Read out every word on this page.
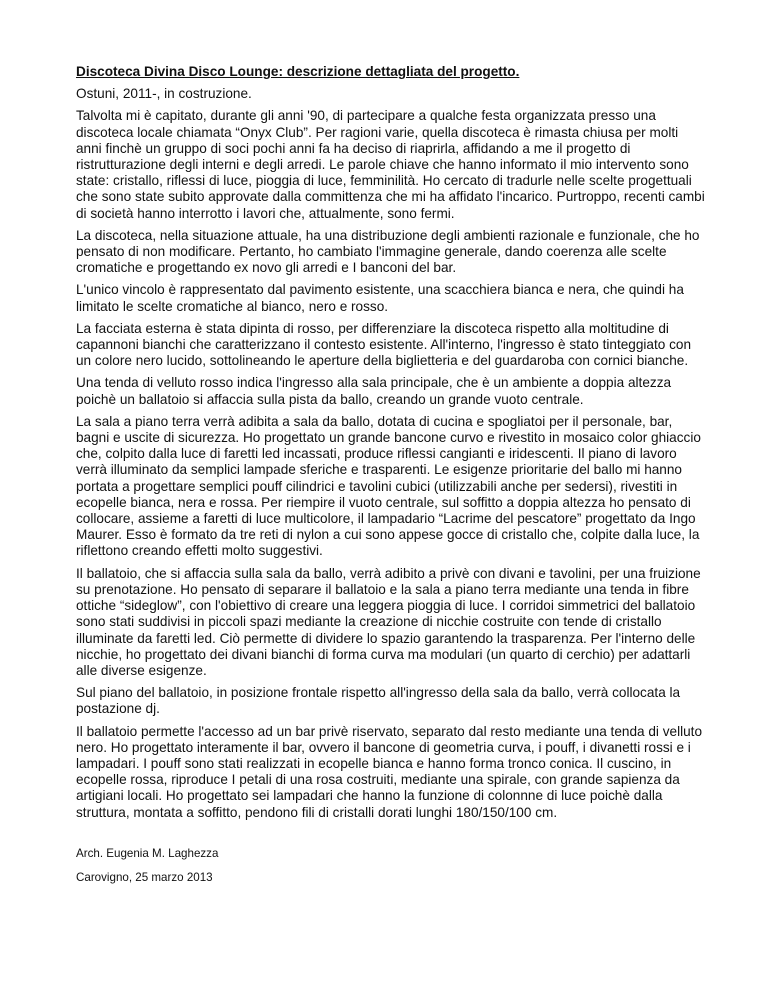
Discoteca Divina Disco Lounge: descrizione dettagliata del progetto.

Ostuni, 2011-, in costruzione.

Talvolta mi è capitato, durante gli anni '90, di partecipare a qualche festa organizzata presso una discoteca locale chiamata “Onyx Club”. Per ragioni varie, quella discoteca è rimasta chiusa per molti anni finchè un gruppo di soci pochi anni fa ha deciso di riaprirla, affidando a me il progetto di ristrutturazione degli interni e degli arredi. Le parole chiave che hanno informato il mio intervento sono state: cristallo, riflessi di luce, pioggia di luce, femminilità. Ho cercato di tradurle nelle scelte progettuali che sono state subito approvate dalla committenza che mi ha affidato l'incarico. Purtroppo, recenti cambi di società hanno interrotto i lavori che, attualmente, sono fermi.

La discoteca, nella situazione attuale, ha una distribuzione degli ambienti razionale e funzionale, che ho pensato di non modificare. Pertanto, ho cambiato l'immagine generale, dando coerenza alle scelte cromatiche e progettando ex novo gli arredi e I banconi del bar.

L'unico vincolo è rappresentato dal pavimento esistente, una scacchiera bianca e nera, che quindi ha limitato le scelte cromatiche al bianco, nero e rosso.

La facciata esterna è stata dipinta di rosso, per differenziare la discoteca rispetto alla moltitudine di capannoni bianchi che caratterizzano il contesto esistente. All'interno, l'ingresso è stato tinteggiato con un colore nero lucido, sottolineando le aperture della biglietteria e del guardaroba con cornici bianche.

Una tenda di velluto rosso indica l'ingresso alla sala principale, che è un ambiente a doppia altezza poichè un ballatoio si affaccia sulla pista da ballo, creando un grande vuoto centrale.

La sala a piano terra verrà adibita a sala da ballo, dotata di cucina e spogliatoi per il personale, bar, bagni e uscite di sicurezza. Ho progettato un grande bancone curvo e rivestito in mosaico color ghiaccio che, colpito dalla luce di faretti led incassati, produce riflessi cangianti e iridescenti. Il piano di lavoro verrà illuminato da semplici lampade sferiche e trasparenti. Le esigenze prioritarie del ballo mi hanno portata a progettare semplici pouff cilindrici e tavolini cubici (utilizzabili anche per sedersi), rivestiti in ecopelle bianca, nera e rossa. Per riempire il vuoto centrale, sul soffitto a doppia altezza ho pensato di collocare, assieme a faretti di luce multicolore, il lampadario “Lacrime del pescatore” progettato da Ingo Maurer. Esso è formato da tre reti di nylon a cui sono appese gocce di cristallo che, colpite dalla luce, la riflettono creando effetti molto suggestivi.

Il ballatoio, che si affaccia sulla sala da ballo, verrà adibito a privè con divani e tavolini, per una fruizione su prenotazione. Ho pensato di separare il ballatoio e la sala a piano terra mediante una tenda in fibre ottiche “sideglow”, con l'obiettivo di creare una leggera pioggia di luce. I corridoi simmetrici del ballatoio sono stati suddivisi in piccoli spazi mediante la creazione di nicchie costruite con tende di cristallo illuminate da faretti led. Ciò permette di dividere lo spazio garantendo la trasparenza. Per l'interno delle nicchie, ho progettato dei divani bianchi di forma curva ma modulari (un quarto di cerchio) per adattarli alle diverse esigenze.

Sul piano del ballatoio, in posizione frontale rispetto all'ingresso della sala da ballo, verrà collocata la postazione dj.

Il ballatoio permette l'accesso ad un bar privè riservato, separato dal resto mediante una tenda di velluto nero. Ho progettato interamente il bar, ovvero il bancone di geometria curva, i pouff, i divanetti rossi e i lampadari. I pouff sono stati realizzati in ecopelle bianca e hanno forma tronco conica. Il cuscino, in ecopelle rossa, riproduce I petali di una rosa costruiti, mediante una spirale, con grande sapienza da artigiani locali. Ho progettato sei lampadari che hanno la funzione di colonnne di luce poichè dalla struttura, montata a soffitto, pendono fili di cristalli dorati lunghi 180/150/100 cm.

Arch. Eugenia M. Laghezza

Carovigno, 25 marzo 2013
